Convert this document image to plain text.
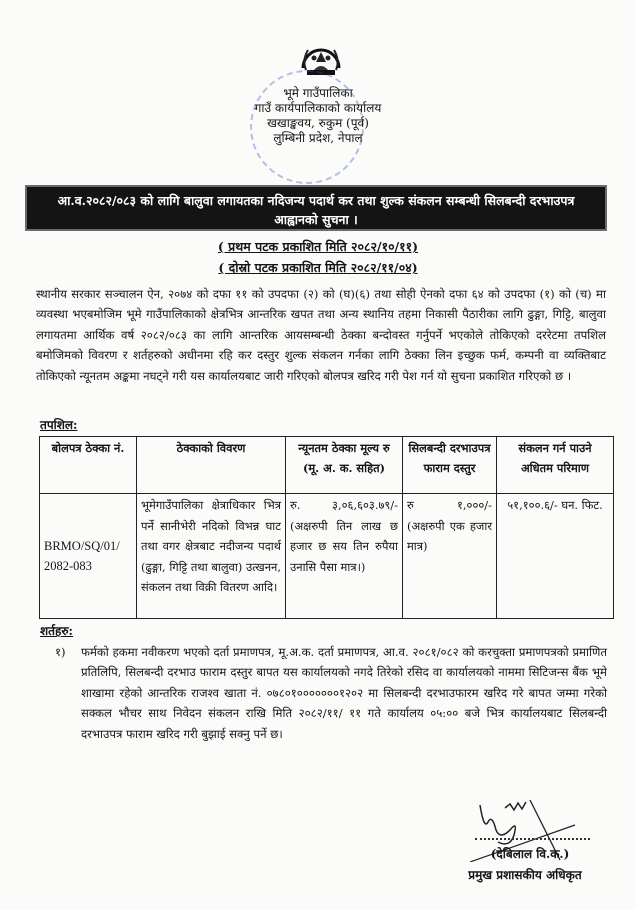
भूमे गाउँपालिका
गाउँ कार्यपालिकाको कार्यालय
खखाङ्खवय, रुकुम (पूर्व)
लुम्बिनी प्रदेश, नेपाल
आ.व.२०८२/०८३ को लागि बालुवा लगायतका नदिजन्य पदार्थ कर तथा शुल्क संकलन सम्बन्धी सिलबन्दी दरभाउपत्र
आह्वानको सुचना ।
( प्रथम पटक प्रकाशित मिति २०८२/१०/११)
( दोस्रो पटक प्रकाशित मिति २०८२/११/०४)
स्थानीय सरकार सञ्चालन ऐन, २०७४ को दफा ११ को उपदफा (२) को (घ)(६) तथा सोही ऐनको दफा ६४ को उपदफा (१) को (च) मा व्यवस्था भएबमोजिम भूमे गाउँपालिकाको क्षेत्रभित्र आन्तरिक खपत तथा अन्य स्थानिय तहमा निकासी पैठारीका लागि ढुङ्गा, गिट्टि, बालुवा लगायतमा आर्थिक वर्ष २०८२/०८३ का लागि आन्तरिक आयसम्बन्धी ठेक्का बन्दोवस्त गर्नुपर्ने भएकोले तोकिएको दररेटमा तपशिल बमोजिमको विवरण र शर्तहरुको अधीनमा रहि कर दस्तुर शुल्क संकलन गर्नका लागि ठेक्का लिन इच्छुक फर्म, कम्पनी वा व्यक्तिबाट तोकिएको न्यूनतम अङ्कमा नघट्ने गरी यस कार्यालयबाट जारी गरिएको बोलपत्र खरिद गरी पेश गर्न यो सुचना प्रकाशित गरिएको छ ।
तपशिल:
बोलपत्र ठेक्का नं.	ठेक्काको विवरण	न्यूनतम ठेक्का मूल्य रु (मू. अ. क. सहित)	सिलबन्दी दरभाउपत्र फाराम दस्तुर	संकलन गर्न पाउने अधितम परिमाण
BRMO/SQ/01/ 2082-083	भूमेगाउँपालिका क्षेत्राधिकार भित्र पर्ने सानीभेरी नदिको विभन्न घाट तथा वगर क्षेत्रबाट नदीजन्य पदार्थ (ढुङ्गा, गिट्टि तथा बालुवा) उत्खनन, संकलन तथा विक्री वितरण आदि।	रु. ३,०६,६०३.७९/- (अक्षरुपी तिन लाख छ हजार छ सय तिन रुपैया उनासि पैसा मात्र।)	रु १,०००/- (अक्षरुपी एक हजार मात्र)	५१,१००.६/- घन. फिट.
शर्तहरु:
१) फर्मको हकमा नवीकरण भएको दर्ता प्रमाणपत्र, मू.अ.क. दर्ता प्रमाणपत्र, आ.व. २०८१/०८२ को करचुक्ता प्रमाणपत्रको प्रमाणित प्रतिलिपि, सिलबन्दी दरभाउ फाराम दस्तुर बापत यस कार्यालयको नगदे तिरेको रसिद वा कार्यालयको नाममा सिटिजन्स बैंक भूमे शाखामा रहेको आन्तरिक राजश्व खाता नं. ०७८०१०००००००१२०२ मा सिलबन्दी दरभाउफारम खरिद गरे बापत जम्मा गरेको सक्कल भौचर साथ निवेदन संकलन राखि मिति २०८२/११/ ११ गते कार्यालय ०५:०० बजे भित्र कार्यालयबाट सिलबन्दी दरभाउपत्र फाराम खरिद गरी बुझाई सक्नु पर्ने छ।
(देबिलाल वि.क.)
प्रमुख प्रशासकीय अधिकृत
